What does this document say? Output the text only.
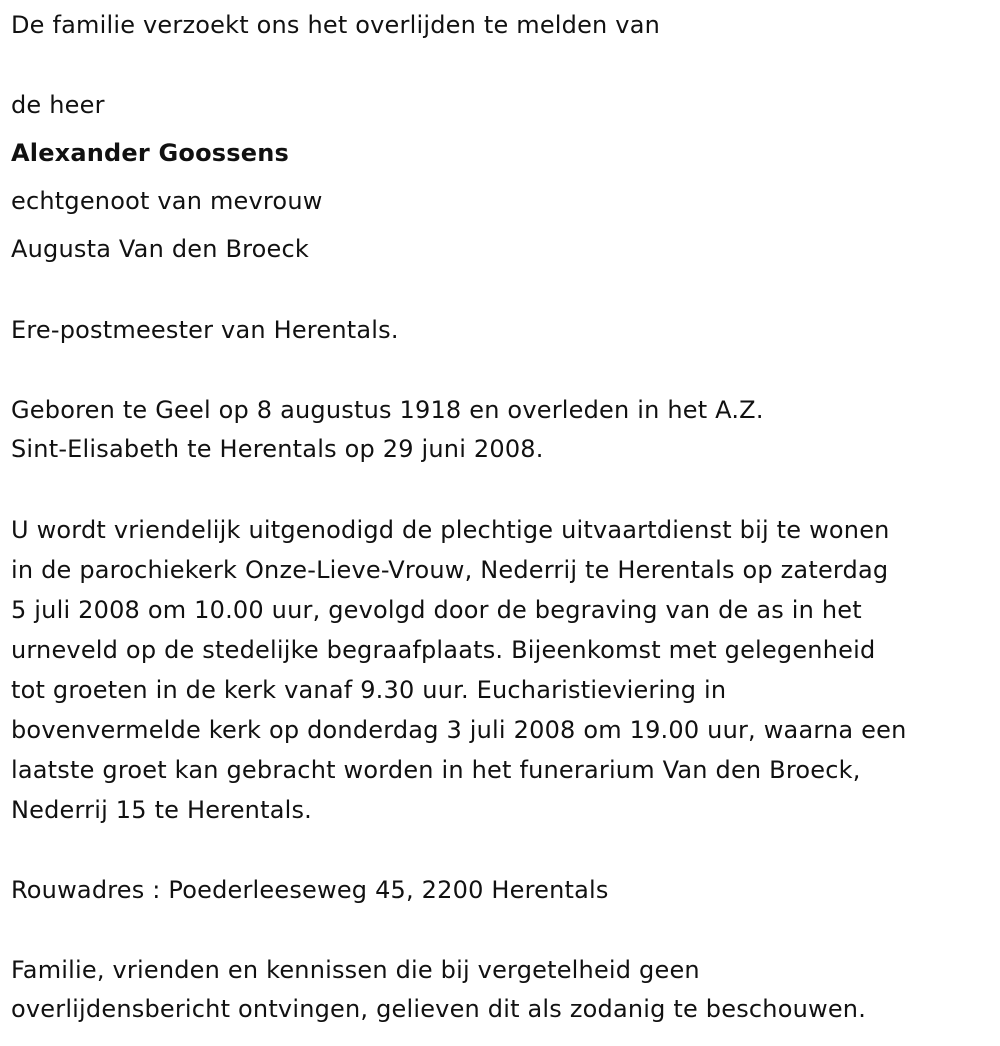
De familie verzoekt ons het overlijden te melden van
de heer
Alexander Goossens
echtgenoot van mevrouw
Augusta Van den Broeck
Ere-postmeester van Herentals.
Geboren te Geel op 8 augustus 1918 en overleden in het A.Z.
Sint-Elisabeth te Herentals op 29 juni 2008.
U wordt vriendelijk uitgenodigd de plechtige uitvaartdienst bij te wonen
in de parochiekerk Onze-Lieve-Vrouw, Nederrij te Herentals op zaterdag
5 juli 2008 om 10.00 uur, gevolgd door de begraving van de as in het
urneveld op de stedelijke begraafplaats. Bijeenkomst met gelegenheid
tot groeten in de kerk vanaf 9.30 uur. Eucharistieviering in
bovenvermelde kerk op donderdag 3 juli 2008 om 19.00 uur, waarna een
laatste groet kan gebracht worden in het funerarium Van den Broeck,
Nederrij 15 te Herentals.
Rouwadres : Poederleeseweg 45, 2200 Herentals
Familie, vrienden en kennissen die bij vergetelheid geen
overlijdensbericht ontvingen, gelieven dit als zodanig te beschouwen.
